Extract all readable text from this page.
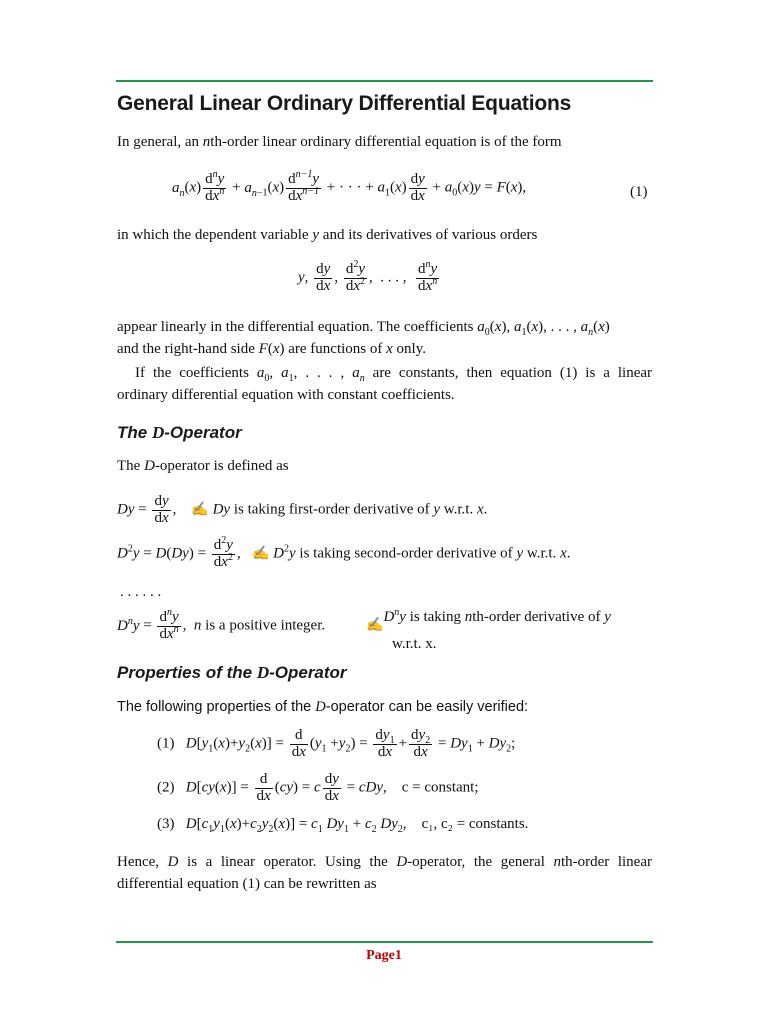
General Linear Ordinary Differential Equations
In general, an nth-order linear ordinary differential equation is of the form
$a_n(x) \frac{d^ny}{dx^n} + a_{n-1}(x) \frac{d^{n-1}y}{dx^{n-1}}$ + · · · + $a_1(x) \frac{dy}{dx} + a_0(x)y = F(x)$,	(1)
in which the dependent variable y and its derivatives of various orders
y, $\frac{dy}{dx}$ , $\frac{d^2y}{dx^2}$ ,  . . . , $\frac{d^ny}{dx^n}$
appear linearly in the differential equation. The coefficients $a_0(x)$, $a_1(x)$, . . . , $a_n(x)$
and the right-hand side F(x) are functions of x only.
If the coefficients $a_0$, $a_1$, . . . , $a_n$ are constants, then equation (1) is a linear
ordinary differential equation with constant coefficients.
The D-Operator
The D-operator is defined as
$Dy = \frac{dy}{dx}$ ,    ✍ Dy is taking first-order derivative of y w.r.t. x.
$D^2y = D(Dy) = \frac{d^2y}{dx^2}$ ,   ✍ $D^2y$ is taking second-order derivative of y w.r.t. x.
. . . . . .
$D^ny = \frac{d^ny}{dx^n}$ ,  n is a positive integer.	$✍D^ny$ is taking nth-order derivative of y
w.r.t. x.
Properties of the D-Operator
The following properties of the D-operator can be easily verified:
(1) $D[y_1(x)+y_2(x)] = \frac{d}{dx} (y_1 +y_2) = \frac{dy_1}{dx} + \frac{dy_2}{dx} = Dy_1 + Dy_2$;
(2) $D[cy(x)] = \frac{d}{dx} (cy) = c \frac{dy}{dx}$ = cDy,    c = constant;
(3) $D[c_1y_1(x)+c_2y_2(x)] = c_1$ $Dy_1 + c_2$ $Dy_2$,    c₁, c₂ = constants.
Hence, D is a linear operator. Using the D-operator, the general nth-order linear
differential equation (1) can be rewritten as
Page1
